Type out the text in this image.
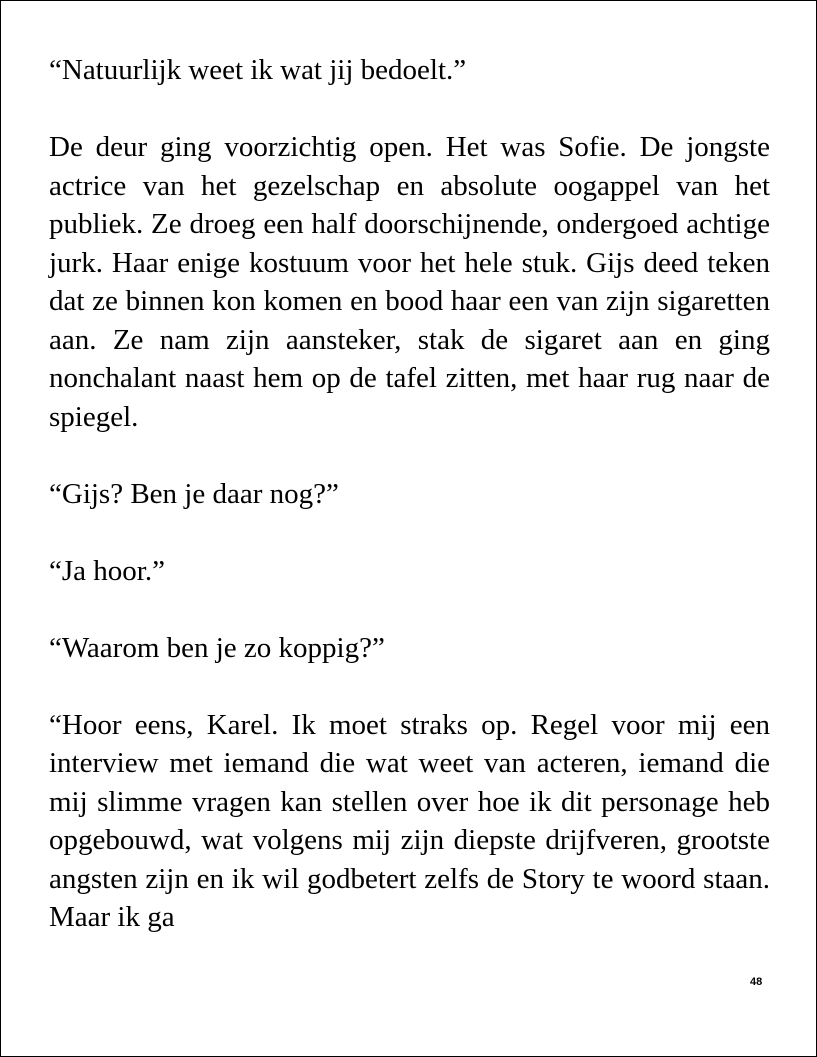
“Natuurlijk weet ik wat jij bedoelt.”

De deur ging voorzichtig open. Het was Sofie. De jongste actrice van het gezelschap en absolute oogappel van het publiek. Ze droeg een half doorschijnende, ondergoed achtige jurk. Haar enige kostuum voor het hele stuk. Gijs deed teken dat ze binnen kon komen en bood haar een van zijn sigaretten aan. Ze nam zijn aansteker, stak de sigaret aan en ging nonchalant naast hem op de tafel zitten, met haar rug naar de spiegel.

“Gijs? Ben je daar nog?”

“Ja hoor.”

“Waarom ben je zo koppig?”

“Hoor eens, Karel. Ik moet straks op. Regel voor mij een interview met iemand die wat weet van acteren, iemand die mij slimme vragen kan stellen over hoe ik dit personage heb opgebouwd, wat volgens mij zijn diepste drijfveren, grootste angsten zijn en ik wil godbetert zelfs de Story te woord staan. Maar ik ga

48
